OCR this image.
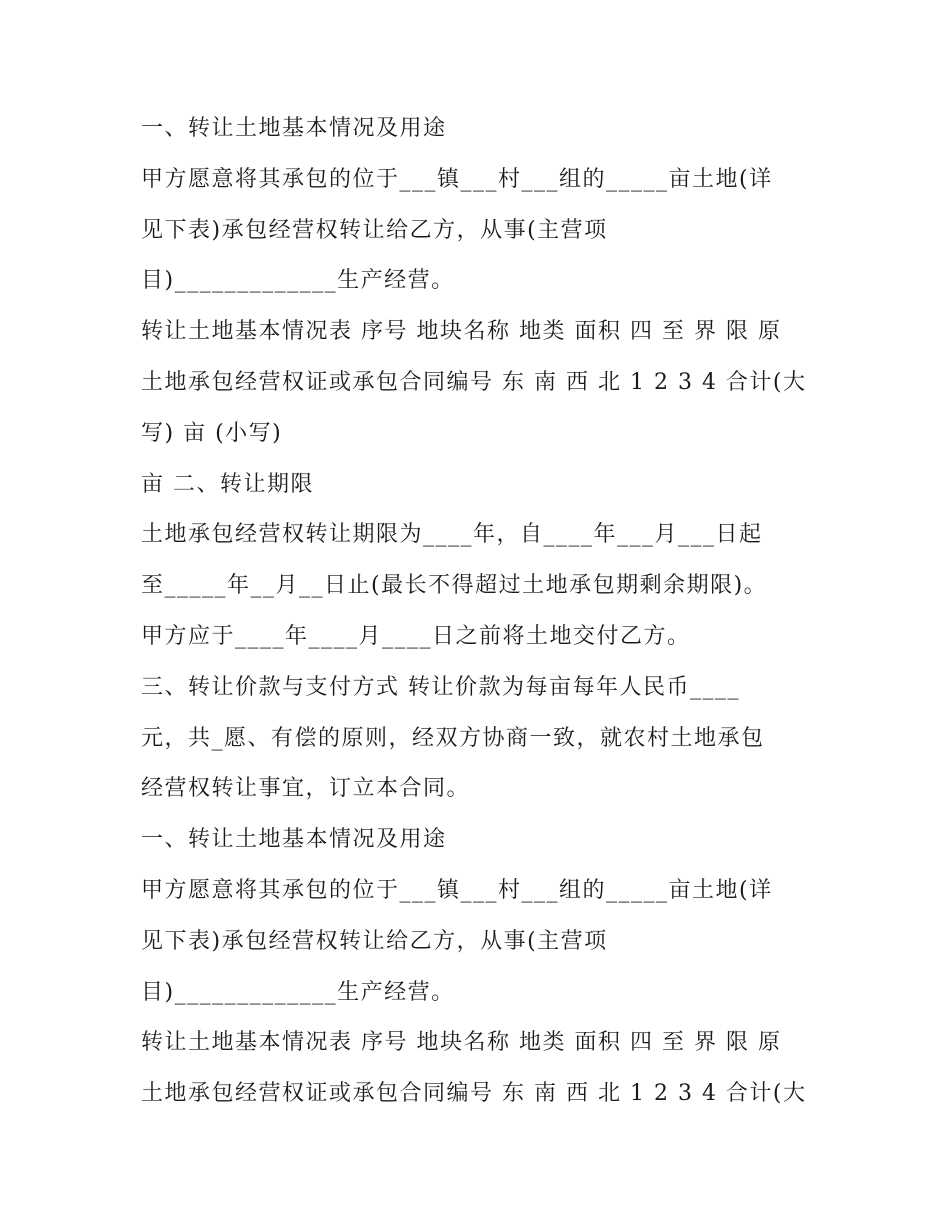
一、转让土地基本情况及用途
甲方愿意将其承包的位于___镇___村___组的_____亩土地(详
见下表)承包经营权转让给乙方，从事(主营项
目)_____________生产经营。
转让土地基本情况表 序号 地块名称 地类 面积 四 至 界 限 原
土地承包经营权证或承包合同编号 东 南 西 北 1 2 3 4 合计(大
写) 亩 (小写)
亩 二、转让期限
土地承包经营权转让期限为____年，自____年___月___日起
至_____年__月__日止(最长不得超过土地承包期剩余期限)。
甲方应于____年____月____日之前将土地交付乙方。
三、转让价款与支付方式 转让价款为每亩每年人民币____
元，共_愿、有偿的原则，经双方协商一致，就农村土地承包
经营权转让事宜，订立本合同。
一、转让土地基本情况及用途
甲方愿意将其承包的位于___镇___村___组的_____亩土地(详
见下表)承包经营权转让给乙方，从事(主营项
目)_____________生产经营。
转让土地基本情况表 序号 地块名称 地类 面积 四 至 界 限 原
土地承包经营权证或承包合同编号 东 南 西 北 1 2 3 4 合计(大
